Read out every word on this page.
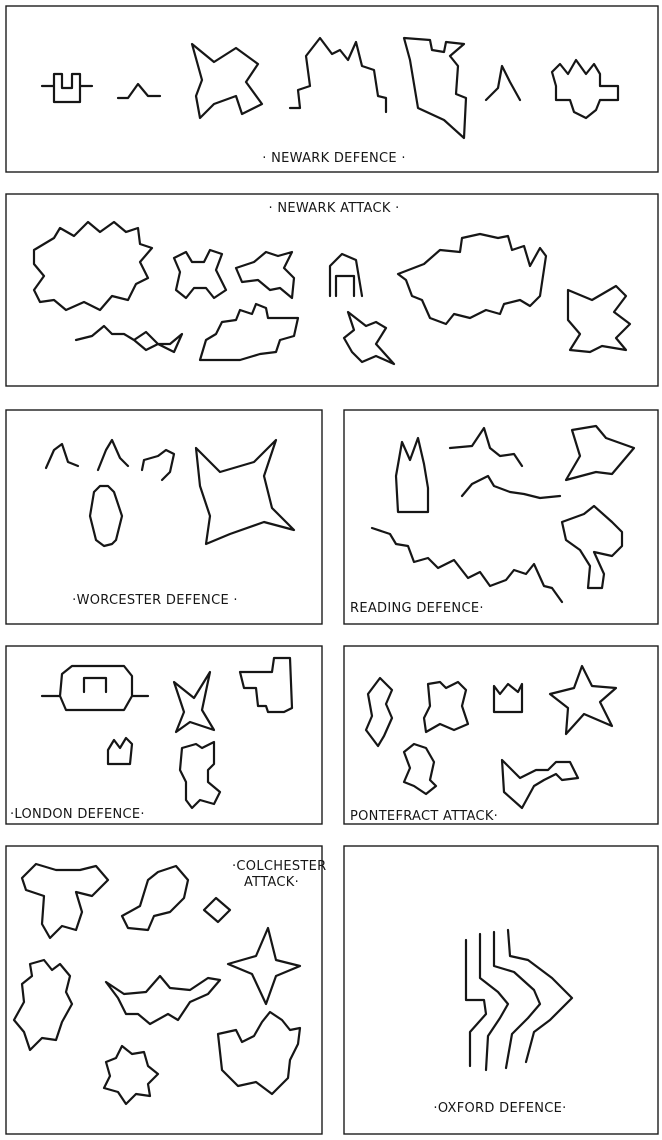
· NEWARK DEFENCE ·
· NEWARK ATTACK ·
·WORCESTER DEFENCE ·
READING DEFENCE·
·LONDON DEFENCE·	PONTEFRACT ATTACK·
·COLCHESTER
ATTACK·
·OXFORD DEFENCE·
